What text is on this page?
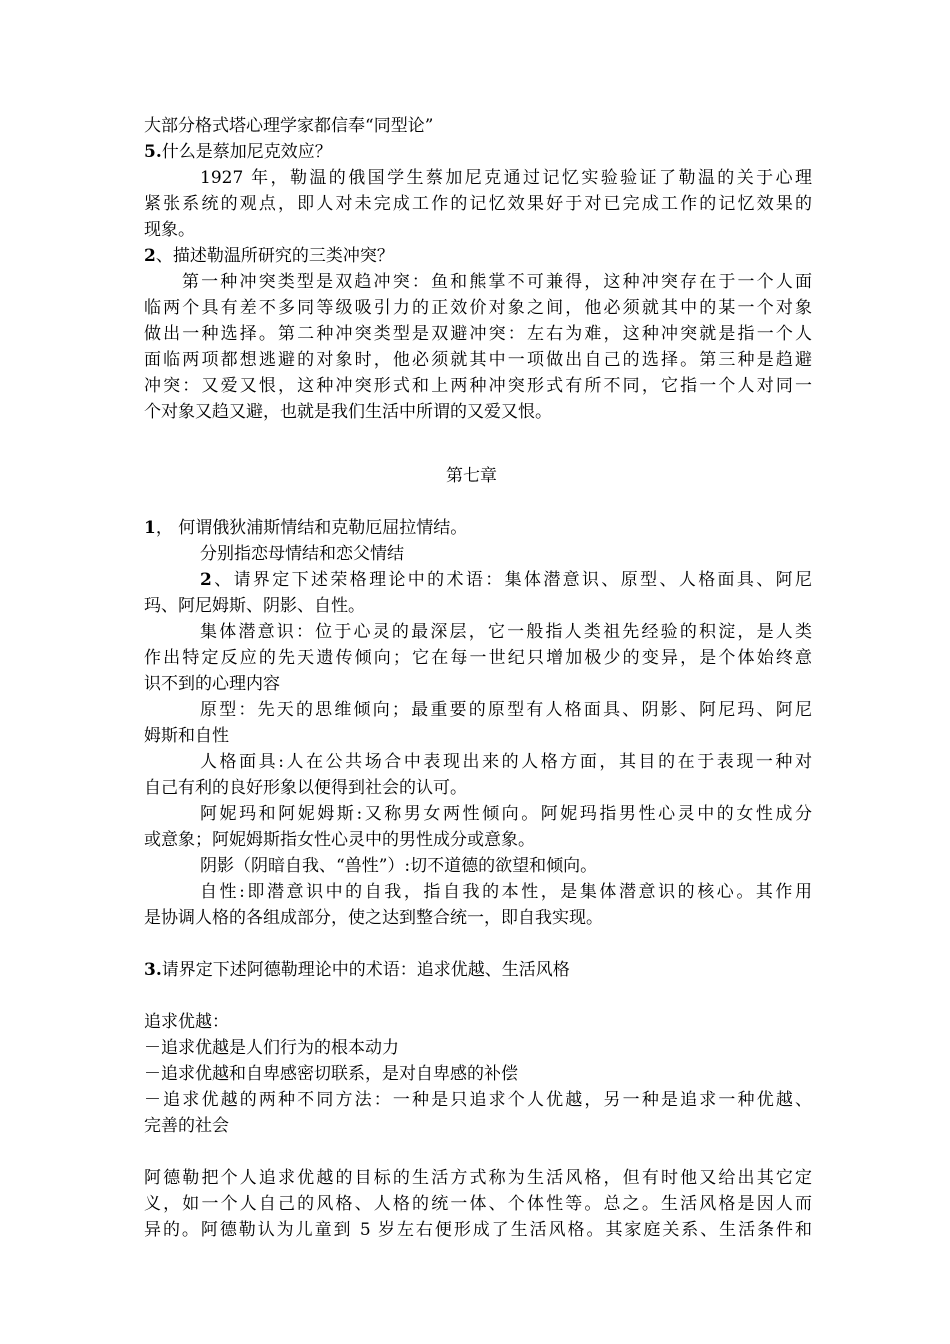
大部分格式塔心理学家都信奉“同型论”
5.什么是蔡加尼克效应？
1927 年，勒温的俄国学生蔡加尼克通过记忆实验验证了勒温的关于心理
紧张系统的观点，即人对未完成工作的记忆效果好于对已完成工作的记忆效果的
现象。
2、描述勒温所研究的三类冲突？
第一种冲突类型是双趋冲突：鱼和熊掌不可兼得，这种冲突存在于一个人面
临两个具有差不多同等级吸引力的正效价对象之间，他必须就其中的某一个对象
做出一种选择。第二种冲突类型是双避冲突：左右为难，这种冲突就是指一个人
面临两项都想逃避的对象时，他必须就其中一项做出自己的选择。第三种是趋避
冲突：又爱又恨，这种冲突形式和上两种冲突形式有所不同，它指一个人对同一
个对象又趋又避，也就是我们生活中所谓的又爱又恨。
第七章
1， 何谓俄狄浦斯情结和克勒厄屈拉情结。
分别指恋母情结和恋父情结
2、请界定下述荣格理论中的术语：集体潜意识、原型、人格面具、阿尼
玛、阿尼姆斯、阴影、自性。
集体潜意识：位于心灵的最深层，它一般指人类祖先经验的积淀，是人类
作出特定反应的先天遗传倾向；它在每一世纪只增加极少的变异，是个体始终意
识不到的心理内容
原型：先天的思维倾向；最重要的原型有人格面具、阴影、阿尼玛、阿尼
姆斯和自性
人格面具:人在公共场合中表现出来的人格方面，其目的在于表现一种对
自己有利的良好形象以便得到社会的认可。
阿妮玛和阿妮姆斯:又称男女两性倾向。阿妮玛指男性心灵中的女性成分
或意象；阿妮姆斯指女性心灵中的男性成分或意象。
阴影（阴暗自我、“兽性”）:切不道德的欲望和倾向。
自性:即潜意识中的自我，指自我的本性，是集体潜意识的核心。其作用
是协调人格的各组成部分，使之达到整合统一，即自我实现。
3.请界定下述阿德勒理论中的术语：追求优越、生活风格
追求优越：
－追求优越是人们行为的根本动力
－追求优越和自卑感密切联系，是对自卑感的补偿
－追求优越的两种不同方法：一种是只追求个人优越，另一种是追求一种优越、
完善的社会
阿德勒把个人追求优越的目标的生活方式称为生活风格，但有时他又给出其它定
义，如一个人自己的风格、人格的统一体、个体性等。总之。生活风格是因人而
异的。阿德勒认为儿童到 5 岁左右便形成了生活风格。其家庭关系、生活条件和
